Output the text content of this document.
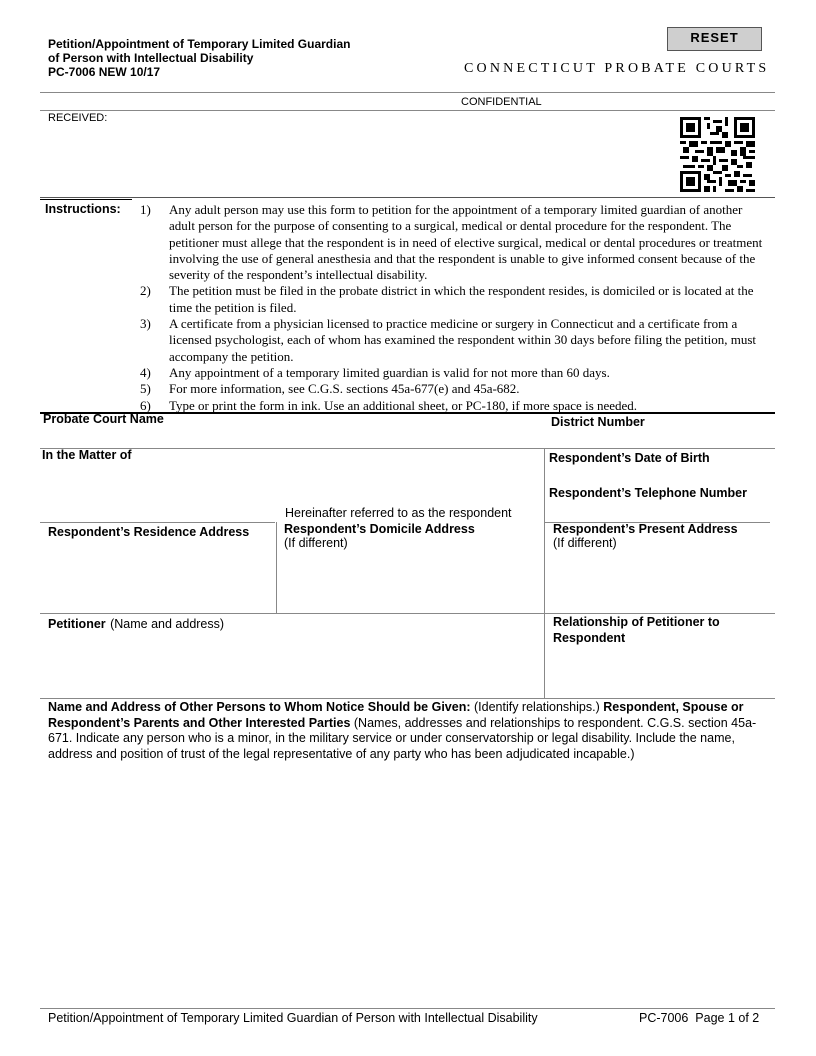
Petition/Appointment of Temporary Limited Guardian
of Person with Intellectual Disability
PC-7006 NEW 10/17
RESET
CONNECTICUT PROBATE COURTS
CONFIDENTIAL
RECEIVED:
Instructions: 1)	Any adult person may use this form to petition for the appointment of a temporary limited guardian of another adult person for the purpose of consenting to a surgical, medical or dental procedure for the respondent. The petitioner must allege that the respondent is in need of elective surgical, medical or dental procedures or treatment involving the use of general anesthesia and that the respondent is unable to give informed consent because of the severity of the respondent’s intellectual disability.
2)	The petition must be filed in the probate district in which the respondent resides, is domiciled or is located at the time the petition is filed.
3)	A certificate from a physician licensed to practice medicine or surgery in Connecticut and a certificate from a licensed psychologist, each of whom has examined the respondent within 30 days before filing the petition, must accompany the petition.
4)	Any appointment of a temporary limited guardian is valid for not more than 60 days.
5)	For more information, see C.G.S. sections 45a-677(e) and 45a-682.
6)	Type or print the form in ink. Use an additional sheet, or PC-180, if more space is needed.
Probate Court Name	District Number
In the Matter of	Respondent’s Date of Birth
Respondent’s Telephone Number
Hereinafter referred to as the respondent
Respondent’s Residence Address	Respondent’s Domicile Address
(If different)
Respondent’s Present Address
(If different)
Petitioner (Name and address)	Relationship of Petitioner to Respondent
Name and Address of Other Persons to Whom Notice Should be Given: (Identify relationships.) Respondent, Spouse or Respondent’s Parents and Other Interested Parties (Names, addresses and relationships to respondent. C.G.S. section 45a-671. Indicate any person who is a minor, in the military service or under conservatorship or legal disability. Include the name, address and position of trust of the legal representative of any party who has been adjudicated incapable.)
Petition/Appointment of Temporary Limited Guardian of Person with Intellectual Disability	PC-7006 Page 1 of 2
